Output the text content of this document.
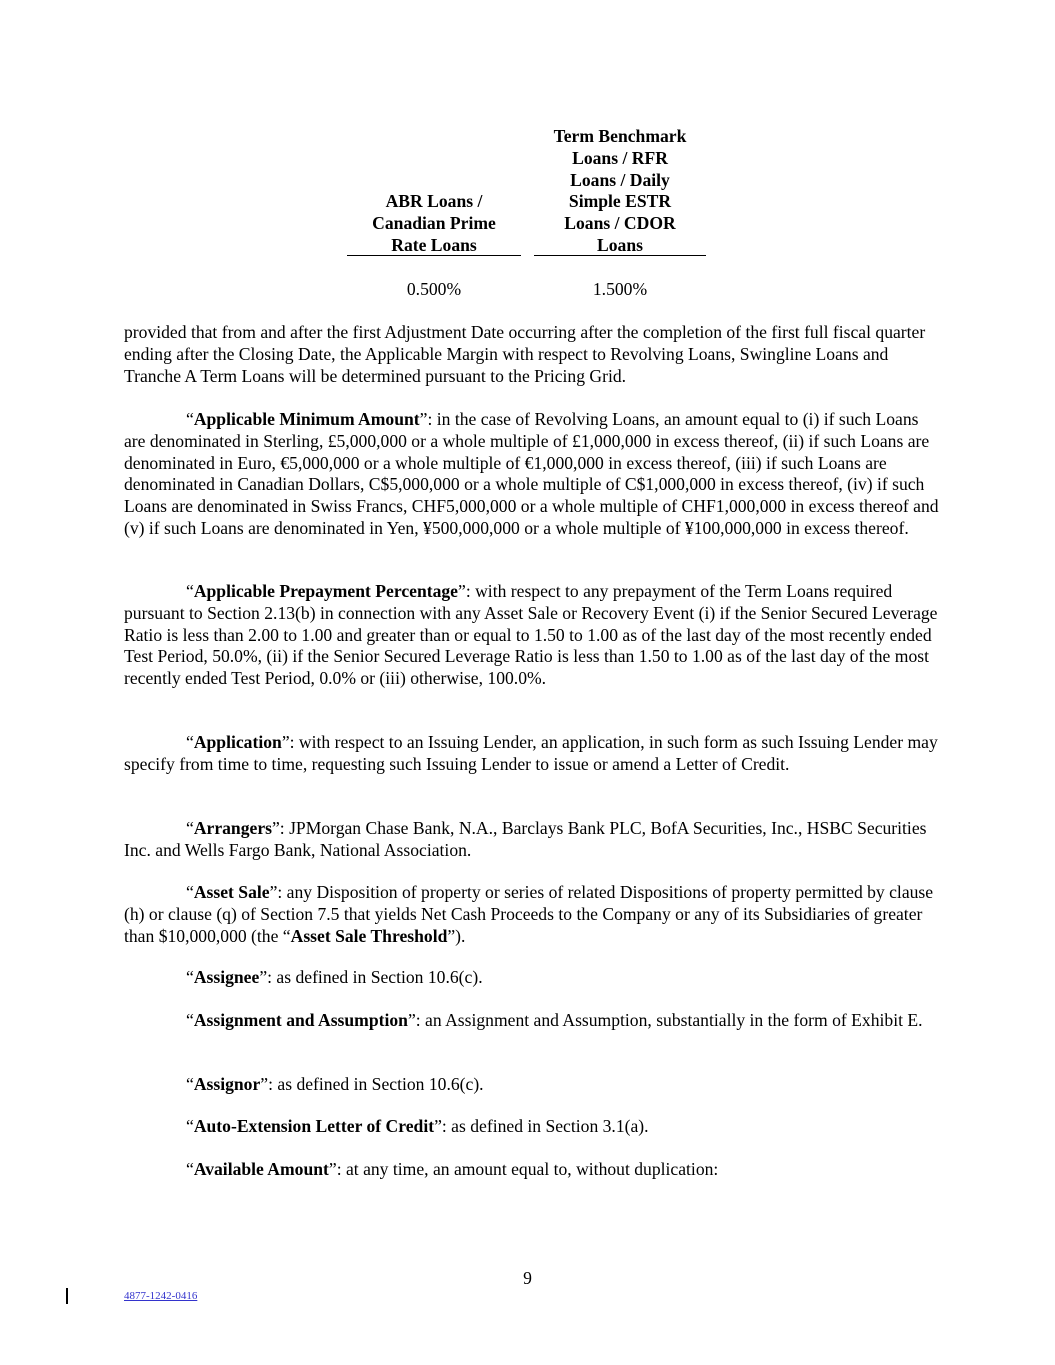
ABR Loans /
Canadian Prime
Rate Loans
Term Benchmark
Loans / RFR
Loans / Daily
Simple ESTR
Loans / CDOR
Loans
0.500%	1.500%

provided that from and after the first Adjustment Date occurring after the completion of the first full fiscal quarter ending after the Closing Date, the Applicable Margin with respect to Revolving Loans, Swingline Loans and Tranche A Term Loans will be determined pursuant to the Pricing Grid.

“Applicable Minimum Amount”: in the case of Revolving Loans, an amount equal to (i) if such Loans are denominated in Sterling, £5,000,000 or a whole multiple of £1,000,000 in excess thereof, (ii) if such Loans are denominated in Euro, €5,000,000 or a whole multiple of €1,000,000 in excess thereof, (iii) if such Loans are denominated in Canadian Dollars, C$5,000,000 or a whole multiple of C$1,000,000 in excess thereof, (iv) if such Loans are denominated in Swiss Francs, CHF5,000,000 or a whole multiple of CHF1,000,000 in excess thereof and (v) if such Loans are denominated in Yen, ¥500,000,000 or a whole multiple of ¥100,000,000 in excess thereof.

“Applicable Prepayment Percentage”: with respect to any prepayment of the Term Loans required pursuant to Section 2.13(b) in connection with any Asset Sale or Recovery Event (i) if the Senior Secured Leverage Ratio is less than 2.00 to 1.00 and greater than or equal to 1.50 to 1.00 as of the last day of the most recently ended Test Period, 50.0%, (ii) if the Senior Secured Leverage Ratio is less than 1.50 to 1.00 as of the last day of the most recently ended Test Period, 0.0% or (iii) otherwise, 100.0%.

“Application”: with respect to an Issuing Lender, an application, in such form as such Issuing Lender may specify from time to time, requesting such Issuing Lender to issue or amend a Letter of Credit.

“Arrangers”: JPMorgan Chase Bank, N.A., Barclays Bank PLC, BofA Securities, Inc., HSBC Securities Inc. and Wells Fargo Bank, National Association.

“Asset Sale”: any Disposition of property or series of related Dispositions of property permitted by clause (h) or clause (q) of Section 7.5 that yields Net Cash Proceeds to the Company or any of its Subsidiaries of greater than $10,000,000 (the “Asset Sale Threshold”).

“Assignee”: as defined in Section 10.6(c).

“Assignment and Assumption”: an Assignment and Assumption, substantially in the form of Exhibit E.

“Assignor”: as defined in Section 10.6(c).

“Auto-Extension Letter of Credit”: as defined in Section 3.1(a).

“Available Amount”: at any time, an amount equal to, without duplication:

9
4877-1242-0416
